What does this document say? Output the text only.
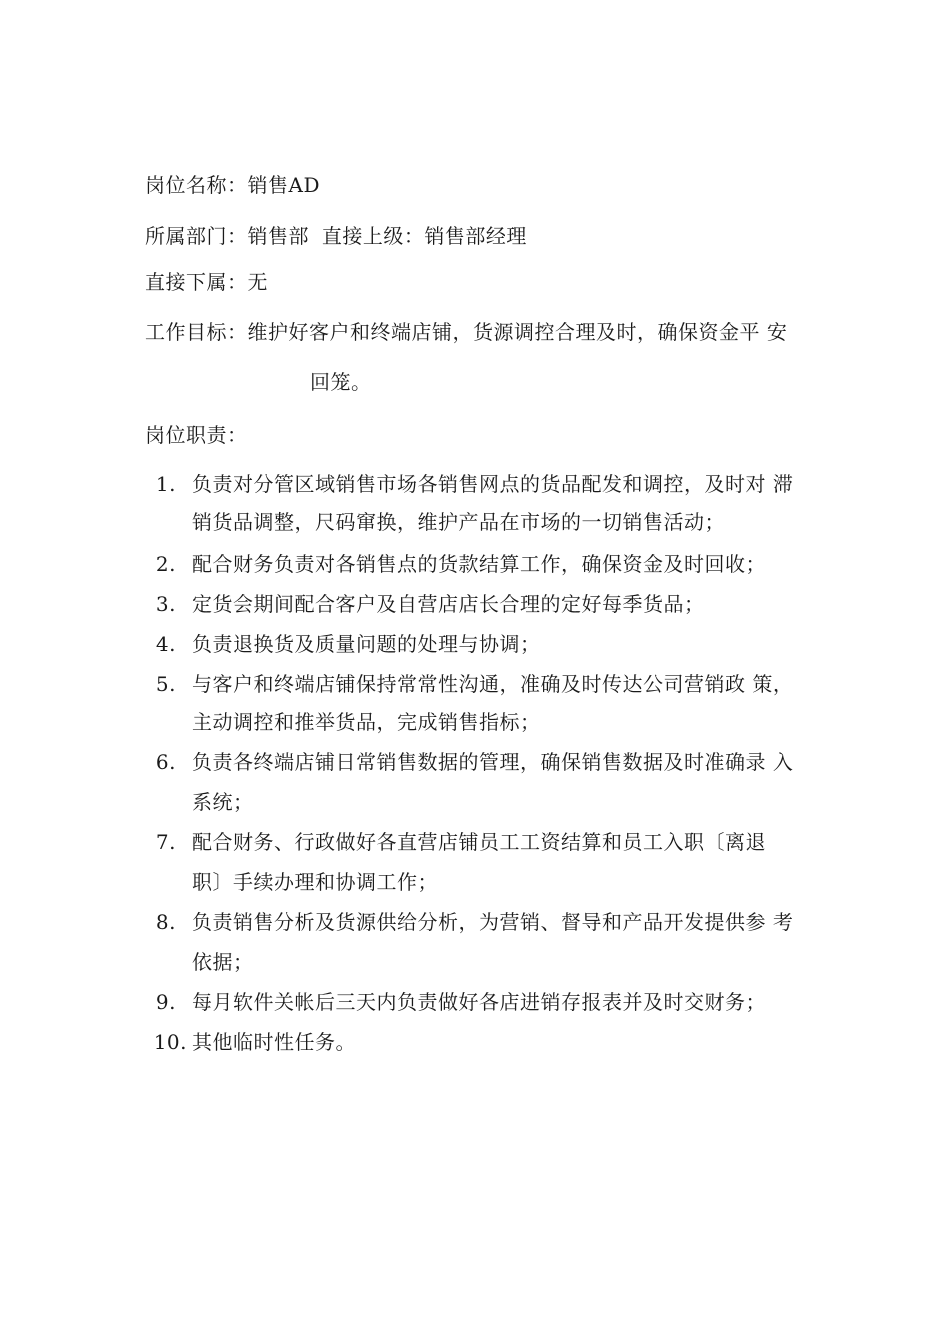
岗位名称：销售AD
所属部门：销售部 直接上级：销售部经理
直接下属：无
工作目标：维护好客户和终端店铺，货源调控合理及时，确保资金平 安
回笼。
岗位职责：
1. 负责对分管区域销售市场各销售网点的货品配发和调控，及时对 滞
销货品调整，尺码窜换，维护产品在市场的一切销售活动；
2. 配合财务负责对各销售点的货款结算工作，确保资金及时回收；
3. 定货会期间配合客户及自营店店长合理的定好每季货品；
4. 负责退换货及质量问题的处理与协调；
5. 与客户和终端店铺保持常常性沟通，准确及时传达公司营销政 策，
主动调控和推举货品，完成销售指标；
6. 负责各终端店铺日常销售数据的管理，确保销售数据及时准确录 入
系统；
7. 配合财务、行政做好各直营店铺员工工资结算和员工入职〔离退
职〕手续办理和协调工作；
8. 负责销售分析及货源供给分析，为营销、督导和产品开发提供参 考
依据；
9. 每月软件关帐后三天内负责做好各店进销存报表并及时交财务；
10. 其他临时性任务。
